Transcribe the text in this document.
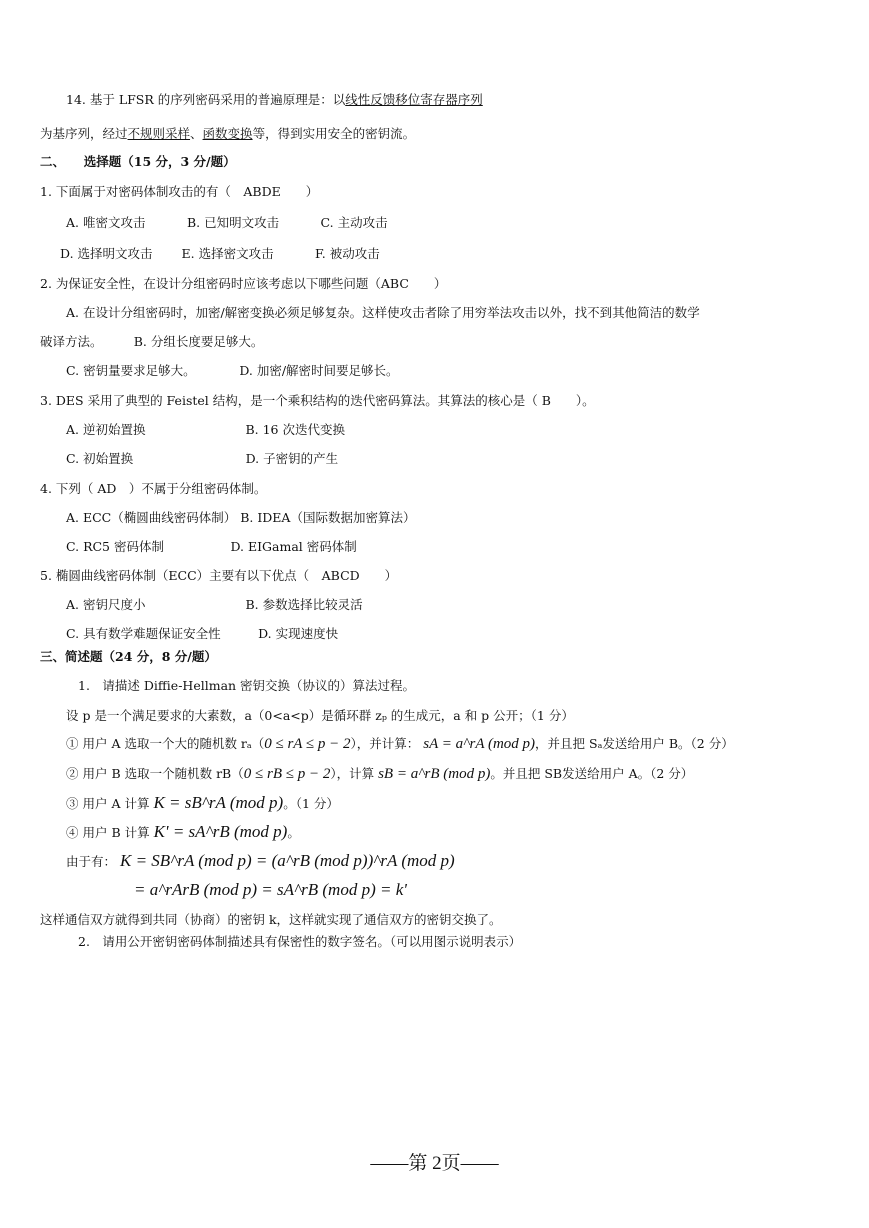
14. 基于 LFSR 的序列密码采用的普遍原理是：以线性反馈移位寄存器序列
为基序列，经过不规则采样、函数变换等，得到实用安全的密钥流。
二、　　选择题（15 分，3 分/题）
1. 下面属于对密码体制攻击的有（　ABDE　　）
A. 唯密文攻击　　　 B. 已知明文攻击　　　 C. 主动攻击
D. 选择明文攻击　　 E. 选择密文攻击　　　 F. 被动攻击
2. 为保证安全性，在设计分组密码时应该考虑以下哪些问题（ABC　　）
A. 在设计分组密码时，加密/解密变换必须足够复杂。这样使攻击者除了用穷举法攻击以外，找不到其他简洁的数学
破译方法。　　　B. 分组长度要足够大。
C. 密钥量要求足够大。　　　　D. 加密/解密时间要足够长。
3. DES 采用了典型的 Feistel 结构，是一个乘积结构的迭代密码算法。其算法的核心是（ B　　）。
A. 逆初始置换　　　　　　　　B. 16 次迭代变换
C. 初始置换　　　　　　　　　D. 子密钥的产生
4. 下列（ AD　）不属于分组密码体制。
A. ECC（椭圆曲线密码体制） B. IDEA（国际数据加密算法）
C. RC5 密码体制　　　　　 D. EIGamal 密码体制
5. 椭圆曲线密码体制（ECC）主要有以下优点（　ABCD　　）
A. 密钥尺度小　　　　　　　　B. 参数选择比较灵活
C. 具有数学难题保证安全性　　　D. 实现速度快
三、简述题（24 分，8 分/题）
1.　请描述 Diffie-Hellman 密钥交换（协议的）算法过程。
设 p 是一个满足要求的大素数，a（0<a<p）是循环群 zₚ 的生成元，a 和 p 公开；（1 分）
① 用户 A 选取一个大的随机数 rₐ（0 ≤ rA ≤ p − 2），并计算： sA = a^rA (mod p)，并且把 Sₐ发送给用户 B。（2 分）
② 用户 B 选取一个随机数 rB（0 ≤ rB ≤ p − 2），计算 sB = a^rB (mod p)。并且把 SB发送给用户 A。（2 分）
③ 用户 A 计算 K = sB^rA (mod p)。（1 分）
④ 用户 B 计算 K' = sA^rB (mod p)。
由于有： K = SB^rA (mod p) = (a^rB (mod p))^rA (mod p)
= a^rArB (mod p) = sA^rB (mod p) = k'
这样通信双方就得到共同（协商）的密钥 k，这样就实现了通信双方的密钥交换了。
2.　请用公开密钥密码体制描述具有保密性的数字签名。（可以用图示说明表示）
——第 2页——
